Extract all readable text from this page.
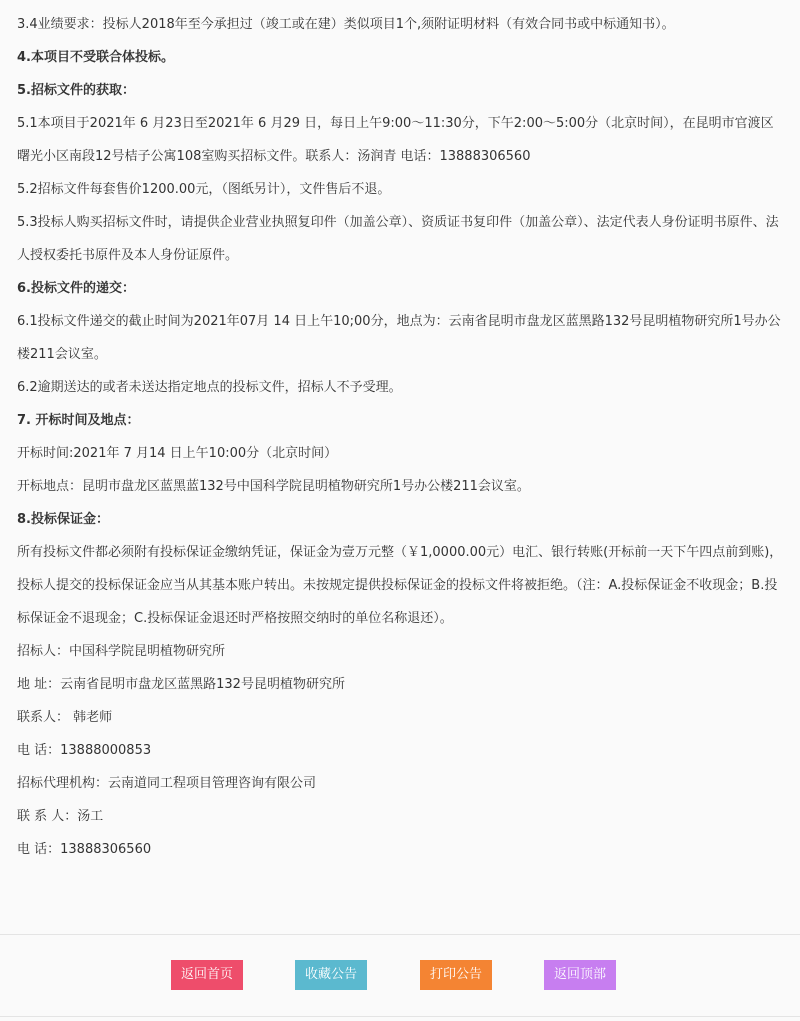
3.4业绩要求：投标人2018年至今承担过（竣工或在建）类似项目1个,须附证明材料（有效合同书或中标通知书）。

4.本项目不受联合体投标。

5.招标文件的获取：

5.1本项目于2021年 6 月23日至2021年 6 月29 日，每日上午9:00～11:30分，下午2:00～5:00分（北京时间），在昆明市官渡区曙光小区南段12号桔子公寓108室购买招标文件。联系人：汤润青 电话：13888306560

5.2招标文件每套售价1200.00元，（图纸另计），文件售后不退。

5.3投标人购买招标文件时，请提供企业营业执照复印件（加盖公章）、资质证书复印件（加盖公章）、法定代表人身份证明书原件、法人授权委托书原件及本人身份证原件。

6.投标文件的递交：

6.1投标文件递交的截止时间为2021年07月 14 日上午10;00分，地点为：云南省昆明市盘龙区蓝黑路132号昆明植物研究所1号办公楼211会议室。

6.2逾期送达的或者未送达指定地点的投标文件，招标人不予受理。

7. 开标时间及地点：

开标时间:2021年 7 月14 日上午10:00分（北京时间）

开标地点：昆明市盘龙区蓝黑蓝132号中国科学院昆明植物研究所1号办公楼211会议室。

8.投标保证金：

所有投标文件都必须附有投标保证金缴纳凭证，保证金为壹万元整（￥1,0000.00元）电汇、银行转账(开标前一天下午四点前到账)，投标人提交的投标保证金应当从其基本账户转出。未按规定提供投标保证金的投标文件将被拒绝。（注：A.投标保证金不收现金；B.投标保证金不退现金；C.投标保证金退还时严格按照交纳时的单位名称退还）。

招标人：中国科学院昆明植物研究所

地 址：云南省昆明市盘龙区蓝黑路132号昆明植物研究所

联系人： 韩老师

电 话：13888000853

招标代理机构：云南道同工程项目管理咨询有限公司

联 系 人：汤工

电 话：13888306560

返回首页	收藏公告	打印公告	返回顶部
